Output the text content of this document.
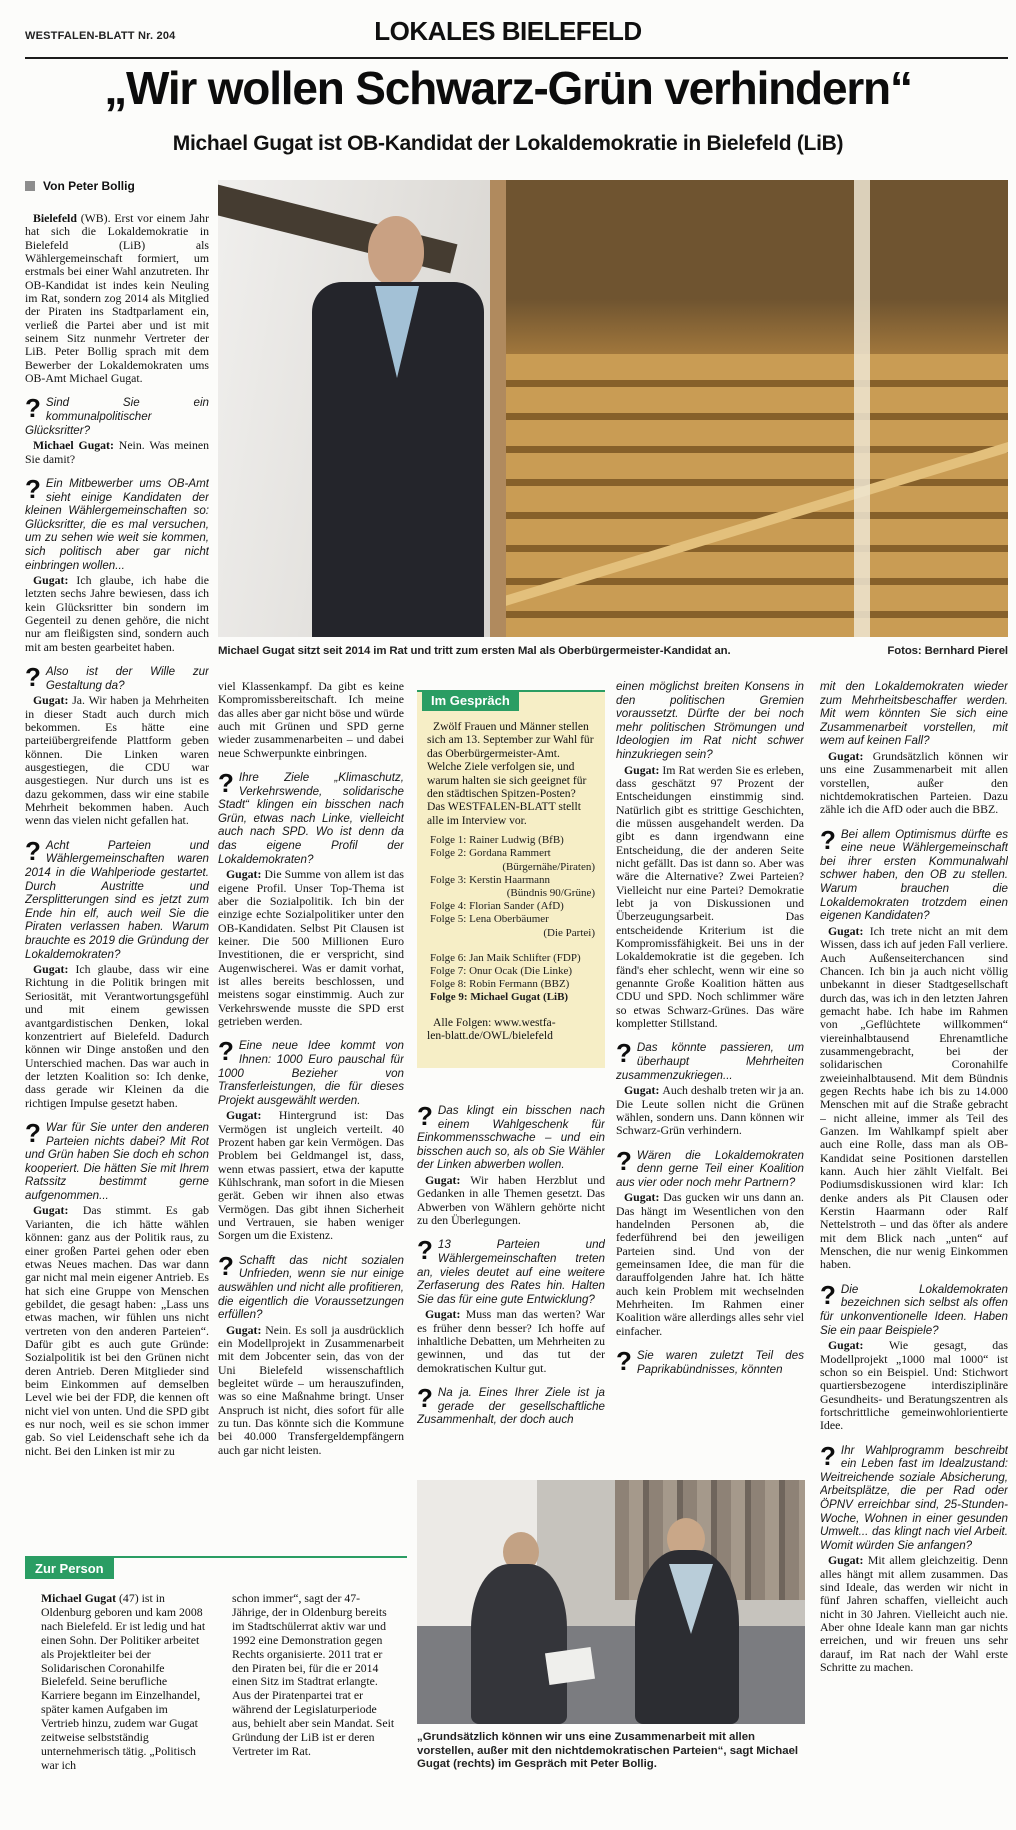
WESTFALEN-BLATT Nr. 204	LOKALES BIELEFELD
„Wir wollen Schwarz-Grün verhindern“
Michael Gugat ist OB-Kandidat der Lokaldemokratie in Bielefeld (LiB)
Von Peter Bollig
Michael Gugat sitzt seit 2014 im Rat und tritt zum ersten Mal als Oberbürgermeister-Kandidat an.	Fotos: Bernhard Pierel
Bielefeld (WB). Erst vor einem Jahr hat sich die Lokaldemokratie in Bielefeld (LiB) als Wählergemeinschaft formiert, um erstmals bei einer Wahl anzutreten. Ihr OB-Kandidat ist indes kein Neuling im Rat, sondern zog 2014 als Mitglied der Piraten ins Stadtparlament ein, verließ die Partei aber und ist mit seinem Sitz nunmehr Vertreter der LiB. Peter Bollig sprach mit dem Bewerber der Lokaldemokraten ums OB-Amt Michael Gugat.
? Sind Sie ein kommunalpolitischer Glücksritter?
Michael Gugat: Nein. Was meinen Sie damit?
? Ein Mitbewerber ums OB-Amt sieht einige Kandidaten der kleinen Wählergemeinschaften so: Glücksritter, die es mal versuchen, um zu sehen wie weit sie kommen, sich politisch aber gar nicht einbringen wollen...
Gugat: Ich glaube, ich habe die letzten sechs Jahre bewiesen, dass ich kein Glücksritter bin sondern im Gegenteil zu denen gehöre, die nicht nur am fleißigsten sind, sondern auch mit am besten gearbeitet haben.
? Also ist der Wille zur Gestaltung da?
Gugat: Ja. Wir haben ja Mehrheiten in dieser Stadt auch durch mich bekommen. Es hätte eine parteiübergreifende Plattform geben können. Die Linken waren ausgestiegen, die CDU war ausgestiegen. Nur durch uns ist es dazu gekommen, dass wir eine stabile Mehrheit bekommen haben. Auch wenn das vielen nicht gefallen hat.
? Acht Parteien und Wählergemeinschaften waren 2014 in die Wahlperiode gestartet. Durch Austritte und Zersplitterungen sind es jetzt zum Ende hin elf, auch weil Sie die Piraten verlassen haben. Warum brauchte es 2019 die Gründung der Lokaldemokraten?
Gugat: Ich glaube, dass wir eine Richtung in die Politik bringen mit Seriosität, mit Verantwortungsgefühl und mit einem gewissen avantgardistischen Denken, lokal konzentriert auf Bielefeld. Dadurch können wir Dinge anstoßen und den Unterschied machen. Das war auch in der letzten Koalition so: Ich denke, dass gerade wir Kleinen da die richtigen Impulse gesetzt haben.
? War für Sie unter den anderen Parteien nichts dabei? Mit Rot und Grün haben Sie doch eh schon kooperiert. Die hätten Sie mit Ihrem Ratssitz bestimmt gerne aufgenommen...
Gugat: Das stimmt. Es gab Varianten, die ich hätte wählen können: ganz aus der Politik raus, zu einer großen Partei gehen oder eben etwas Neues machen. Das war dann gar nicht mal mein eigener Antrieb. Es hat sich eine Gruppe von Menschen gebildet, die gesagt haben: „Lass uns etwas machen, wir fühlen uns nicht vertreten von den anderen Parteien“. Dafür gibt es auch gute Gründe: Sozialpolitik ist bei den Grünen nicht deren Antrieb. Deren Mitglieder sind beim Einkommen auf demselben Level wie bei der FDP, die kennen oft nicht viel von unten. Und die SPD gibt es nur noch, weil es sie schon immer gab. So viel Leidenschaft sehe ich da nicht. Bei den Linken ist mir zu
viel Klassenkampf. Da gibt es keine Kompromissbereitschaft. Ich meine das alles aber gar nicht böse und würde auch mit Grünen und SPD gerne wieder zusammenarbeiten – und dabei neue Schwerpunkte einbringen.
? Ihre Ziele „Klimaschutz, Verkehrswende, solidarische Stadt“ klingen ein bisschen nach Grün, etwas nach Linke, vielleicht auch nach SPD. Wo ist denn da das eigene Profil der Lokaldemokraten?
Gugat: Die Summe von allem ist das eigene Profil. Unser Top-Thema ist aber die Sozialpolitik. Ich bin der einzige echte Sozialpolitiker unter den OB-Kandidaten. Selbst Pit Clausen ist keiner. Die 500 Millionen Euro Investitionen, die er verspricht, sind Augenwischerei. Was er damit vorhat, ist alles bereits beschlossen, und meistens sogar einstimmig. Auch zur Verkehrswende musste die SPD erst getrieben werden.
? Eine neue Idee kommt von Ihnen: 1000 Euro pauschal für 1000 Bezieher von Transferleistungen, die für dieses Projekt ausgewählt werden.
Gugat: Hintergrund ist: Das Vermögen ist ungleich verteilt. 40 Prozent haben gar kein Vermögen. Das Problem bei Geldmangel ist, dass, wenn etwas passiert, etwa der kaputte Kühlschrank, man sofort in die Miesen gerät. Geben wir ihnen also etwas Vermögen. Das gibt ihnen Sicherheit und Vertrauen, sie haben weniger Sorgen um die Existenz.
? Schafft das nicht sozialen Unfrieden, wenn sie nur einige auswählen und nicht alle profitieren, die eigentlich die Voraussetzungen erfüllen?
Gugat: Nein. Es soll ja ausdrücklich ein Modellprojekt in Zusammenarbeit mit dem Jobcenter sein, das von der Uni Bielefeld wissenschaftlich begleitet würde – um herauszufinden, was so eine Maßnahme bringt. Unser Anspruch ist nicht, dies sofort für alle zu tun. Das könnte sich die Kommune bei 40.000 Transfergeldempfängern auch gar nicht leisten.
? Das klingt ein bisschen nach einem Wahlgeschenk für Einkommensschwache – und ein bisschen auch so, als ob Sie Wähler der Linken abwerben wollen.
Gugat: Wir haben Herzblut und Gedanken in alle Themen gesetzt. Das Abwerben von Wählern gehörte nicht zu den Überlegungen.
? 13 Parteien und Wählergemeinschaften treten an, vieles deutet auf eine weitere Zerfaserung des Rates hin. Halten Sie das für eine gute Entwicklung?
Gugat: Muss man das werten? War es früher denn besser? Ich hoffe auf inhaltliche Debatten, um Mehrheiten zu gewinnen, und das tut der demokratischen Kultur gut.
? Na ja. Eines Ihrer Ziele ist ja gerade der gesellschaftliche Zusammenhalt, der doch auch
einen möglichst breiten Konsens in den politischen Gremien voraussetzt. Dürfte der bei noch mehr politischen Strömungen und Ideologien im Rat nicht schwer hinzukriegen sein?
Gugat: Im Rat werden Sie es erleben, dass geschätzt 97 Prozent der Entscheidungen einstimmig sind. Natürlich gibt es strittige Geschichten, die müssen ausgehandelt werden. Da gibt es dann irgendwann eine Entscheidung, die der anderen Seite nicht gefällt. Das ist dann so. Aber was wäre die Alternative? Zwei Parteien? Vielleicht nur eine Partei? Demokratie lebt ja von Diskussionen und Überzeugungsarbeit. Das entscheidende Kriterium ist die Kompromissfähigkeit. Bei uns in der Lokaldemokratie ist die gegeben. Ich fänd's eher schlecht, wenn wir eine so genannte Große Koalition hätten aus CDU und SPD. Noch schlimmer wäre so etwas Schwarz-Grünes. Das wäre kompletter Stillstand.
? Das könnte passieren, um überhaupt Mehrheiten zusammenzukriegen...
Gugat: Auch deshalb treten wir ja an. Die Leute sollen nicht die Grünen wählen, sondern uns. Dann können wir Schwarz-Grün verhindern.
? Wären die Lokaldemokraten denn gerne Teil einer Koalition aus vier oder noch mehr Partnern?
Gugat: Das gucken wir uns dann an. Das hängt im Wesentlichen von den handelnden Personen ab, die federführend bei den jeweiligen Parteien sind. Und von der gemeinsamen Idee, die man für die darauffolgenden Jahre hat. Ich hätte auch kein Problem mit wechselnden Mehrheiten. Im Rahmen einer Koalition wäre allerdings alles sehr viel einfacher.
? Sie waren zuletzt Teil des Paprikabündnisses, könnten
mit den Lokaldemokraten wieder zum Mehrheitsbeschaffer werden. Mit wem könnten Sie sich eine Zusammenarbeit vorstellen, mit wem auf keinen Fall?
Gugat: Grundsätzlich können wir uns eine Zusammenarbeit mit allen vorstellen, außer den nichtdemokratischen Parteien. Dazu zähle ich die AfD oder auch die BBZ.
? Bei allem Optimismus dürfte es eine neue Wählergemeinschaft bei ihrer ersten Kommunalwahl schwer haben, den OB zu stellen. Warum brauchen die Lokaldemokraten trotzdem einen eigenen Kandidaten?
Gugat: Ich trete nicht an mit dem Wissen, dass ich auf jeden Fall verliere. Auch Außenseiterchancen sind Chancen. Ich bin ja auch nicht völlig unbekannt in dieser Stadtgesellschaft durch das, was ich in den letzten Jahren gemacht habe. Ich habe im Rahmen von „Geflüchtete willkommen“ viereinhalbtausend Ehrenamtliche zusammengebracht, bei der solidarischen Coronahilfe zweieinhalbtausend. Mit dem Bündnis gegen Rechts habe ich bis zu 14.000 Menschen mit auf die Straße gebracht – nicht alleine, immer als Teil des Ganzen. Im Wahlkampf spielt aber auch eine Rolle, dass man als OB-Kandidat seine Positionen darstellen kann. Auch hier zählt Vielfalt. Bei Podiumsdiskussionen wird klar: Ich denke anders als Pit Clausen oder Kerstin Haarmann oder Ralf Nettelstroth – und das öfter als andere mit dem Blick nach „unten“ auf Menschen, die nur wenig Einkommen haben.
? Die Lokaldemokraten bezeichnen sich selbst als offen für unkonventionelle Ideen. Haben Sie ein paar Beispiele?
Gugat: Wie gesagt, das Modellprojekt „1000 mal 1000“ ist schon so ein Beispiel. Und: Stichwort quartiersbezogene interdisziplinäre Gesundheits- und Beratungszentren als fortschrittliche gemeinwohlorientierte Idee.
? Ihr Wahlprogramm beschreibt ein Leben fast im Idealzustand: Weitreichende soziale Absicherung, Arbeitsplätze, die per Rad oder ÖPNV erreichbar sind, 25-Stunden-Woche, Wohnen in einer gesunden Umwelt... das klingt nach viel Arbeit. Womit würden Sie anfangen?
Gugat: Mit allem gleichzeitig. Denn alles hängt mit allem zusammen. Das sind Ideale, das werden wir nicht in fünf Jahren schaffen, vielleicht auch nicht in 30 Jahren. Vielleicht auch nie. Aber ohne Ideale kann man gar nichts erreichen, und wir freuen uns sehr darauf, im Rat nach der Wahl erste Schritte zu machen.
Im Gespräch
Zwölf Frauen und Männer stellen sich am 13. September zur Wahl für das Oberbürgermeister-Amt. Welche Ziele verfolgen sie, und warum halten sie sich geeignet für den städtischen Spitzen-Posten? Das WESTFALEN-BLATT stellt alle im Interview vor.
Folge 1: Rainer Ludwig (BfB)
Folge 2: Gordana Rammert
(Bürgernähe/Piraten)
Folge 3: Kerstin Haarmann
(Bündnis 90/Grüne)
Folge 4: Florian Sander (AfD)
Folge 5: Lena Oberbäumer
(Die Partei)
Folge 6: Jan Maik Schlifter (FDP)
Folge 7: Onur Ocak (Die Linke)
Folge 8: Robin Fermann (BBZ)
Folge 9: Michael Gugat (LiB)
Alle Folgen: www.westfa-
len-blatt.de/OWL/bielefeld
„Grundsätzlich können wir uns eine Zusammenarbeit mit allen vorstellen, außer mit den nichtdemokratischen Parteien“, sagt Michael Gugat (rechts) im Gespräch mit Peter Bollig.
Zur Person
Michael Gugat (47) ist in Oldenburg geboren und kam 2008 nach Bielefeld. Er ist ledig und hat einen Sohn. Der Politiker arbeitet als Projektleiter bei der Solidarischen Coronahilfe Bielefeld. Seine berufliche Karriere begann im Einzelhandel, später kamen Aufgaben im Vertrieb hinzu, zudem war Gugat zeitweise selbstständig unternehmerisch tätig. „Politisch war ich
schon immer“, sagt der 47-Jährige, der in Oldenburg bereits im Stadtschülerrat aktiv war und 1992 eine Demonstration gegen Rechts organisierte. 2011 trat er den Piraten bei, für die er 2014 einen Sitz im Stadtrat erlangte. Aus der Piratenpartei trat er während der Legislaturperiode aus, behielt aber sein Mandat. Seit Gründung der LiB ist er deren Vertreter im Rat.
